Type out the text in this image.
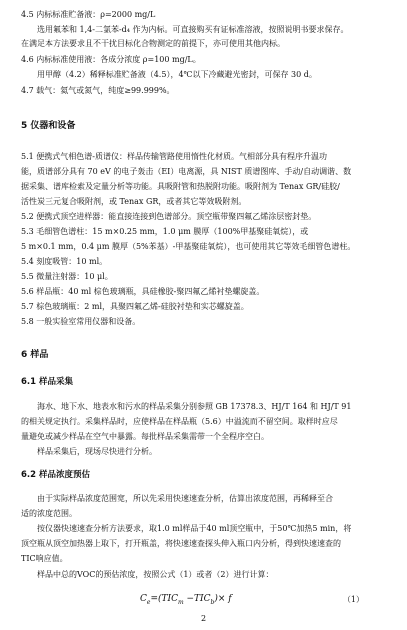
$C_e=(TIC_m -TIC_b)\times f$	（1）
2
4.5 内标标准贮备液：ρ=2000 mg/L
选用氟苯和 1,4-二氯苯-d₄ 作为内标。可直接购买有证标准溶液，按照说明书要求保存。
在满足本方法要求且不干扰目标化合物测定的前提下，亦可使用其他内标。
4.6 内标标准使用液：各成分浓度 ρ=100 mg/L。
用甲醇（4.2）稀释标准贮备液（4.5），4℃以下冷藏避光密封，可保存 30 d。
4.7 载气：氦气或氮气，纯度≥99.999%。
5 仪器和设备
5.1 便携式气相色谱-质谱仪：样品传输管路使用惰性化材质。气相部分具有程序升温功
能，质谱部分具有 70 eV 的电子轰击（EI）电离源，具 NIST 质谱图库、手动/自动调谐、数
据采集、谱库检索及定量分析等功能。具吸附管和热脱附功能。吸附剂为 Tenax GR/硅胶/
活性炭三元复合吸附剂，或 Tenax GR，或者其它等效吸附剂。
5.2 便携式顶空进样器：能直接连接到色谱部分。顶空瓶带聚四氟乙烯涂层密封垫。
5.3 毛细管色谱柱：15 m×0.25 mm，1.0 μm 膜厚（100%甲基聚硅氧烷），或
5 m×0.1 mm，0.4 μm 膜厚（5%苯基）-甲基聚硅氧烷），也可使用其它等效毛细管色谱柱。
5.4 刻度吸管：10 ml。
5.5 微量注射器：10 μl。
5.6 样品瓶：40 ml 棕色玻璃瓶，具硅橡胶-聚四氟乙烯衬垫螺旋盖。
5.7 棕色玻璃瓶：2 ml，具聚四氟乙烯-硅胶衬垫和实芯螺旋盖。
5.8 一般实验室常用仪器和设备。
6 样品
6.1 样品采集
海水、地下水、地表水和污水的样品采集分别参照 GB 17378.3、HJ/T 164 和 HJ/T 91
的相关规定执行。采集样品时，应使样品在样品瓶（5.6）中溢流而不留空间。取样时应尽
量避免或减少样品在空气中暴露。每批样品采集需带一个全程序空白。
样品采集后，现场尽快进行分析。
6.2 样品浓度预估
由于实际样品浓度范围宽，所以先采用快速速查分析，估算出浓度范围，再稀释至合
适的浓度范围。
按仪器快速速查分析方法要求，取1.0 ml样品于40 ml顶空瓶中，于50℃加热5 min，将
顶空瓶从顶空加热器上取下，打开瓶盖，将快速速查探头伸入瓶口内分析，得到快速速查的
TIC响应值。
样品中总的VOC的预估浓度，按照公式（1）或者（2）进行计算：
